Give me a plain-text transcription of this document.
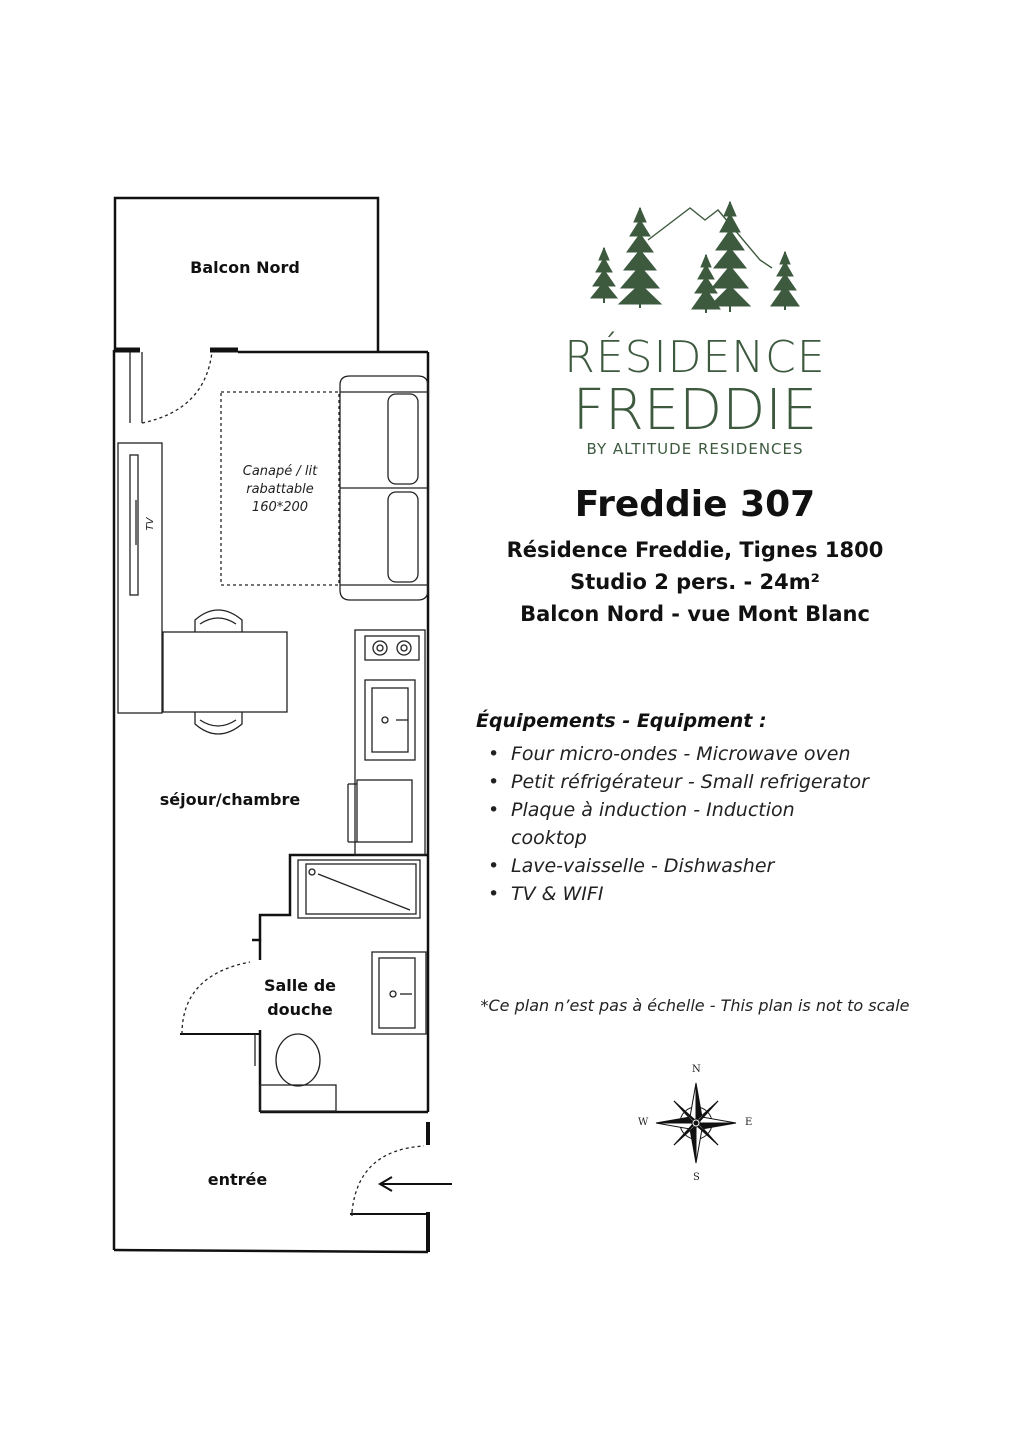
Balcon Nord
séjour/chambre
Salle de
douche
entrée
Canapé / lit
rabattable
160*200
TV
RÉSIDENCE
FREDDIE
BY ALTITUDE RESIDENCES
Freddie 307
Résidence Freddie, Tignes 1800
Studio 2 pers. - 24m²
Balcon Nord - vue Mont Blanc
Équipements - Equipment :
• Four micro-ondes - Microwave oven
• Petit réfrigérateur - Small refrigerator
• Plaque à induction - Induction cooktop
• Lave-vaisselle - Dishwasher
• TV & WIFI
*Ce plan n’est pas à échelle - This plan is not to scale
N
S
E
W
